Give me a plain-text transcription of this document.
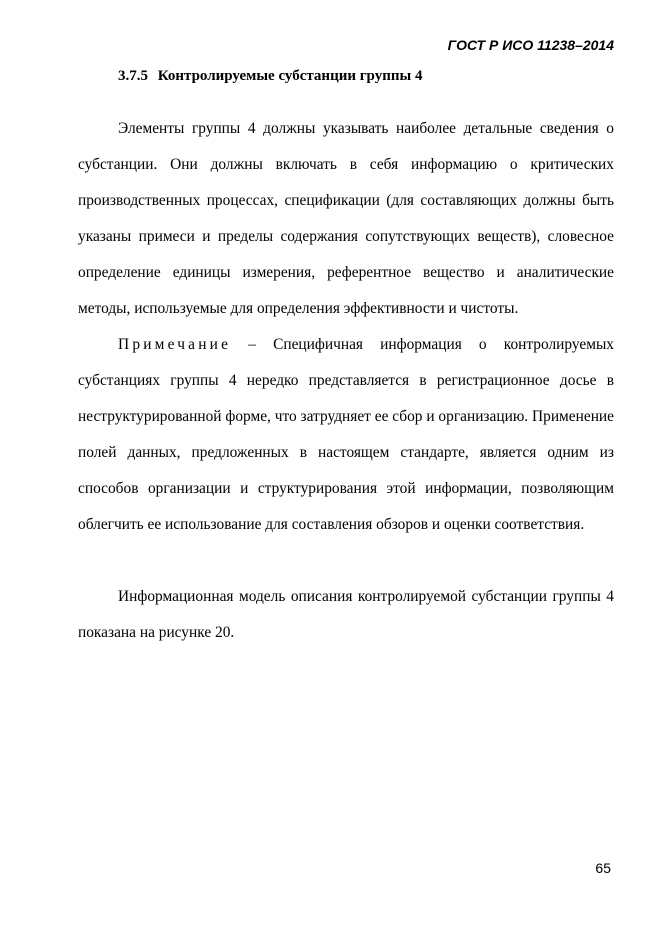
ГОСТ Р ИСО 11238–2014
3.7.5 Контролируемые субстанции группы 4

Элементы группы 4 должны указывать наиболее детальные сведения о субстанции. Они должны включать в себя информацию о критических производственных процессах, спецификации (для составляющих должны быть указаны примеси и пределы содержания сопутствующих веществ), словесное определение единицы измерения, референтное вещество и аналитические методы, используемые для определения эффективности и чистоты.

Примечание – Специфичная информация о контролируемых субстанциях группы 4 нередко представляется в регистрационное досье в неструктурированной форме, что затрудняет ее сбор и организацию. Применение полей данных, предложенных в настоящем стандарте, является одним из способов организации и структурирования этой информации, позволяющим облегчить ее использование для составления обзоров и оценки соответствия.

Информационная модель описания контролируемой субстанции группы 4 показана на рисунке 20.

65
